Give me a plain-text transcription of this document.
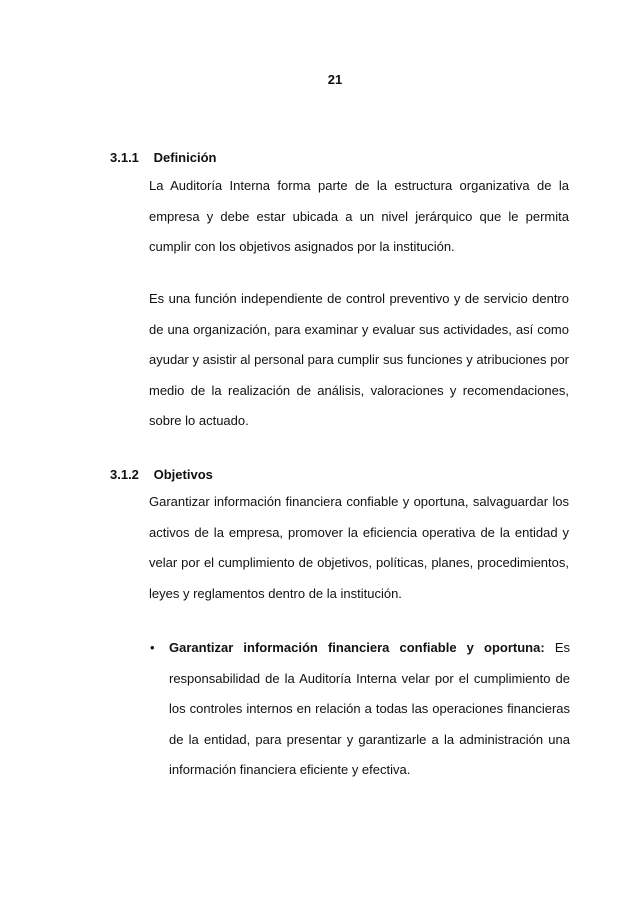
21
3.1.1 Definición
La Auditoría Interna forma parte de la estructura organizativa de la empresa y debe estar ubicada a un nivel jerárquico que le permita cumplir con los objetivos asignados por la institución.
Es una función independiente de control preventivo y de servicio dentro de una organización, para examinar y evaluar sus actividades, así como ayudar y asistir al personal para cumplir sus funciones y atribuciones por medio de la realización de análisis, valoraciones y recomendaciones, sobre lo actuado.
3.1.2 Objetivos
Garantizar información financiera confiable y oportuna, salvaguardar los activos de la empresa, promover la eficiencia operativa de la entidad y velar por el cumplimiento de objetivos, políticas, planes, procedimientos, leyes y reglamentos dentro de la institución.
• Garantizar información financiera confiable y oportuna: Es responsabilidad de la Auditoría Interna velar por el cumplimiento de los controles internos en relación a todas las operaciones financieras de la entidad, para presentar y garantizarle a la administración una información financiera eficiente y efectiva.
